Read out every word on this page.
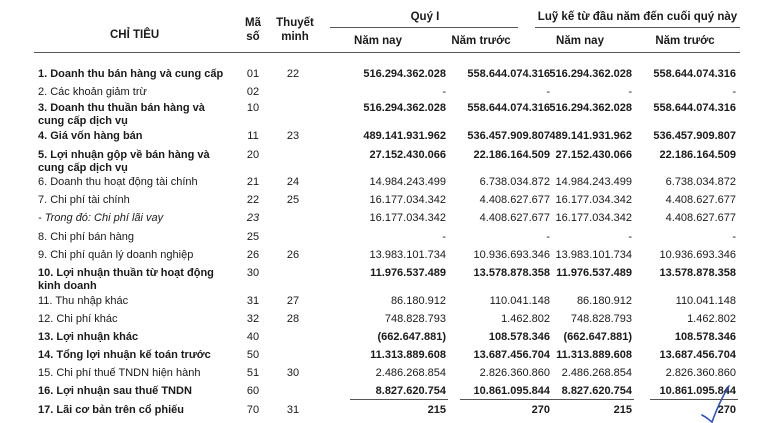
CHỈ TIÊU
Mã
số
Thuyết
minh
Quý I	Luỹ kế từ đầu năm đến cuối quý này
Năm nay	Năm trước	Năm nay	Năm trước
1. Doanh thu bán hàng và cung cấp	01	22	516.294.362.028	558.644.074.316 516.294.362.028	558.644.074.316
2. Các khoản giảm trừ	02	-	-	-	-
3. Doanh thu thuần bán hàng và
cung cấp dịch vụ
10	516.294.362.028	558.644.074.316 516.294.362.028	558.644.074.316
4. Giá vốn hàng bán	11	23	489.141.931.962	536.457.909.807 489.141.931.962	536.457.909.807
5. Lợi nhuận gộp về bán hàng và
cung cấp dịch vụ
20	27.152.430.066	22.186.164.509 27.152.430.066	22.186.164.509
6. Doanh thu hoạt động tài chính	21	24	14.984.243.499	6.738.034.872 14.984.243.499	6.738.034.872
7. Chi phí tài chính	22	25	16.177.034.342	4.408.627.677 16.177.034.342	4.408.627.677
- Trong đó: Chi phí lãi vay	23	16.177.034.342	4.408.627.677 16.177.034.342	4.408.627.677
8. Chi phí bán hàng	25	-	-	-	-
9. Chi phí quản lý doanh nghiệp	26	26	13.983.101.734	10.936.693.346 13.983.101.734	10.936.693.346
10. Lợi nhuận thuần từ hoạt động
kinh doanh
30	11.976.537.489	13.578.878.358 11.976.537.489	13.578.878.358
11. Thu nhập khác	31	27	86.180.912	110.041.148	86.180.912	110.041.148
12. Chi phí khác	32	28	748.828.793	1.462.802	748.828.793	1.462.802
13. Lợi nhuận khác	40	(662.647.881)	108.578.346	(662.647.881)	108.578.346
14. Tổng lợi nhuận kế toán trước	50	11.313.889.608	13.687.456.704 11.313.889.608	13.687.456.704
15. Chi phí thuế TNDN hiện hành	51	30	2.486.268.854	2.826.360.860	2.486.268.854	2.826.360.860
16. Lợi nhuận sau thuế TNDN	60	8.827.620.754	10.861.095.844	8.827.620.754	10.861.095.844
17. Lãi cơ bản trên cổ phiếu	70	31	215	270	215	270
